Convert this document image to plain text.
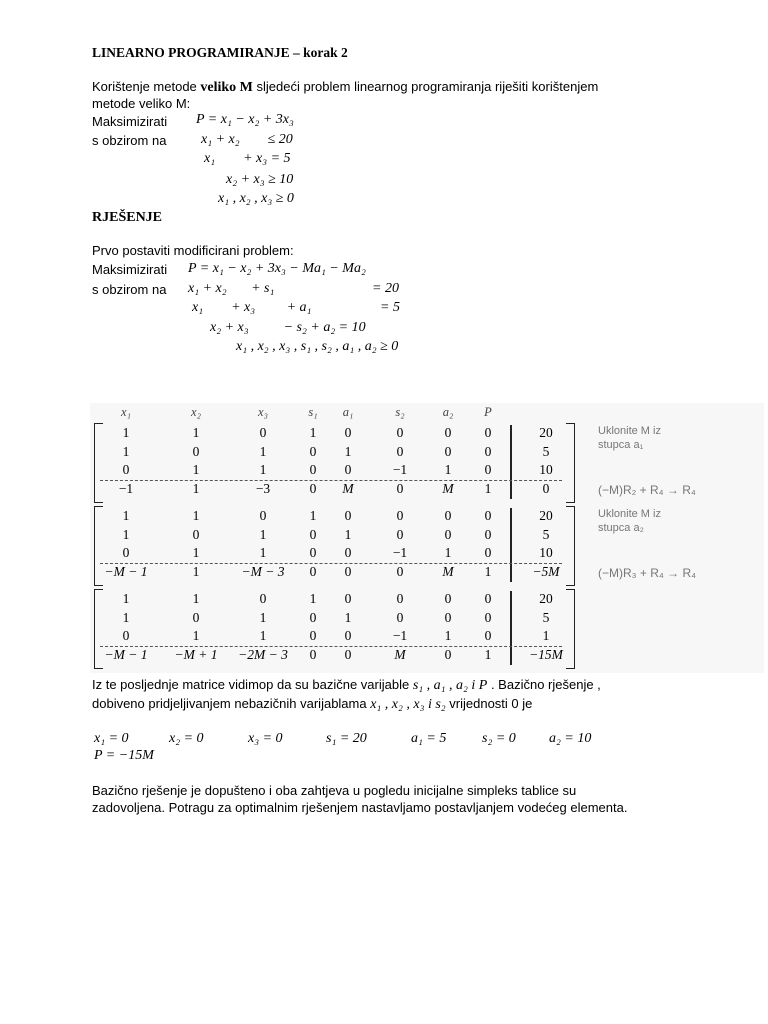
LINEARNO PROGRAMIRANJE – korak 2
Korištenje metode veliko M sljedeći problem linearnog programiranja riješiti korištenjem
metode veliko M:
Maksimizirati P = x₁ − x₂ + 3x₃
s obzirom na x₁ + x₂        ≤ 20
x₁        + x₃ = 5
x₂ + x₃ ≥ 10
x₁ , x₂ , x₃ ≥ 0
RJEŠENJE
Prvo postaviti modificirani problem:
Maksimizirati P = x₁ − x₂ + 3x₃ − Ma₁ − Ma₂
s obzirom na x₁ + x₂       + s₁	= 20
x₁        + x₃         + a₁	= 5
x₂ + x₃          − s₂ + a₂ = 10
x₁ , x₂ , x₃ , s₁ , s₂ , a₁ , a₂ ≥ 0
x₁	x₂	x₃	s₁	a₁	s₂	a₂	P
1	1	0	1	0	0	0	0	20
1	0	1	0	1	0	0	0	5
0	1	1	0	0	−1	1	0	10
−1	1	−3	0	M	0	M	1	0
Uklonite M iz
stupca a₁
(−M)R₂ + R₄ → R₄
1	1	0	1	0	0	0	0	20
1	0	1	0	1	0	0	0	5
0	1	1	0	0	−1	1	0	10
−M − 1	1	−M − 3	0	0	0	M	1	−5M
Uklonite M iz
stupca a₂
(−M)R₃ + R₄ → R₄
1	1	0	1	0	0	0	0	20
1	0	1	0	1	0	0	0	5
0	1	1	0	0	−1	1	0	1
−M − 1	−M + 1	−2M − 3	0	0	M	0	1	−15M
Iz te posljednje matrice vidimop da su bazične varijable s₁ , a₁ , a₂ i P . Bazično rješenje ,
dobiveno pridjeljivanjem nebazičnih varijablama x₁ , x₂ , x₃ i s₂ vrijednosti 0 je
x₁ = 0	x₂ = 0	x₃ = 0	s₁ = 20	a₁ = 5	s₂ = 0 a₂ = 10
P = −15M
Bazično rješenje je dopušteno i oba zahtjeva u pogledu inicijalne simpleks tablice su
zadovoljena. Potragu za optimalnim rješenjem nastavljamo postavljanjem vodećeg elementa.
